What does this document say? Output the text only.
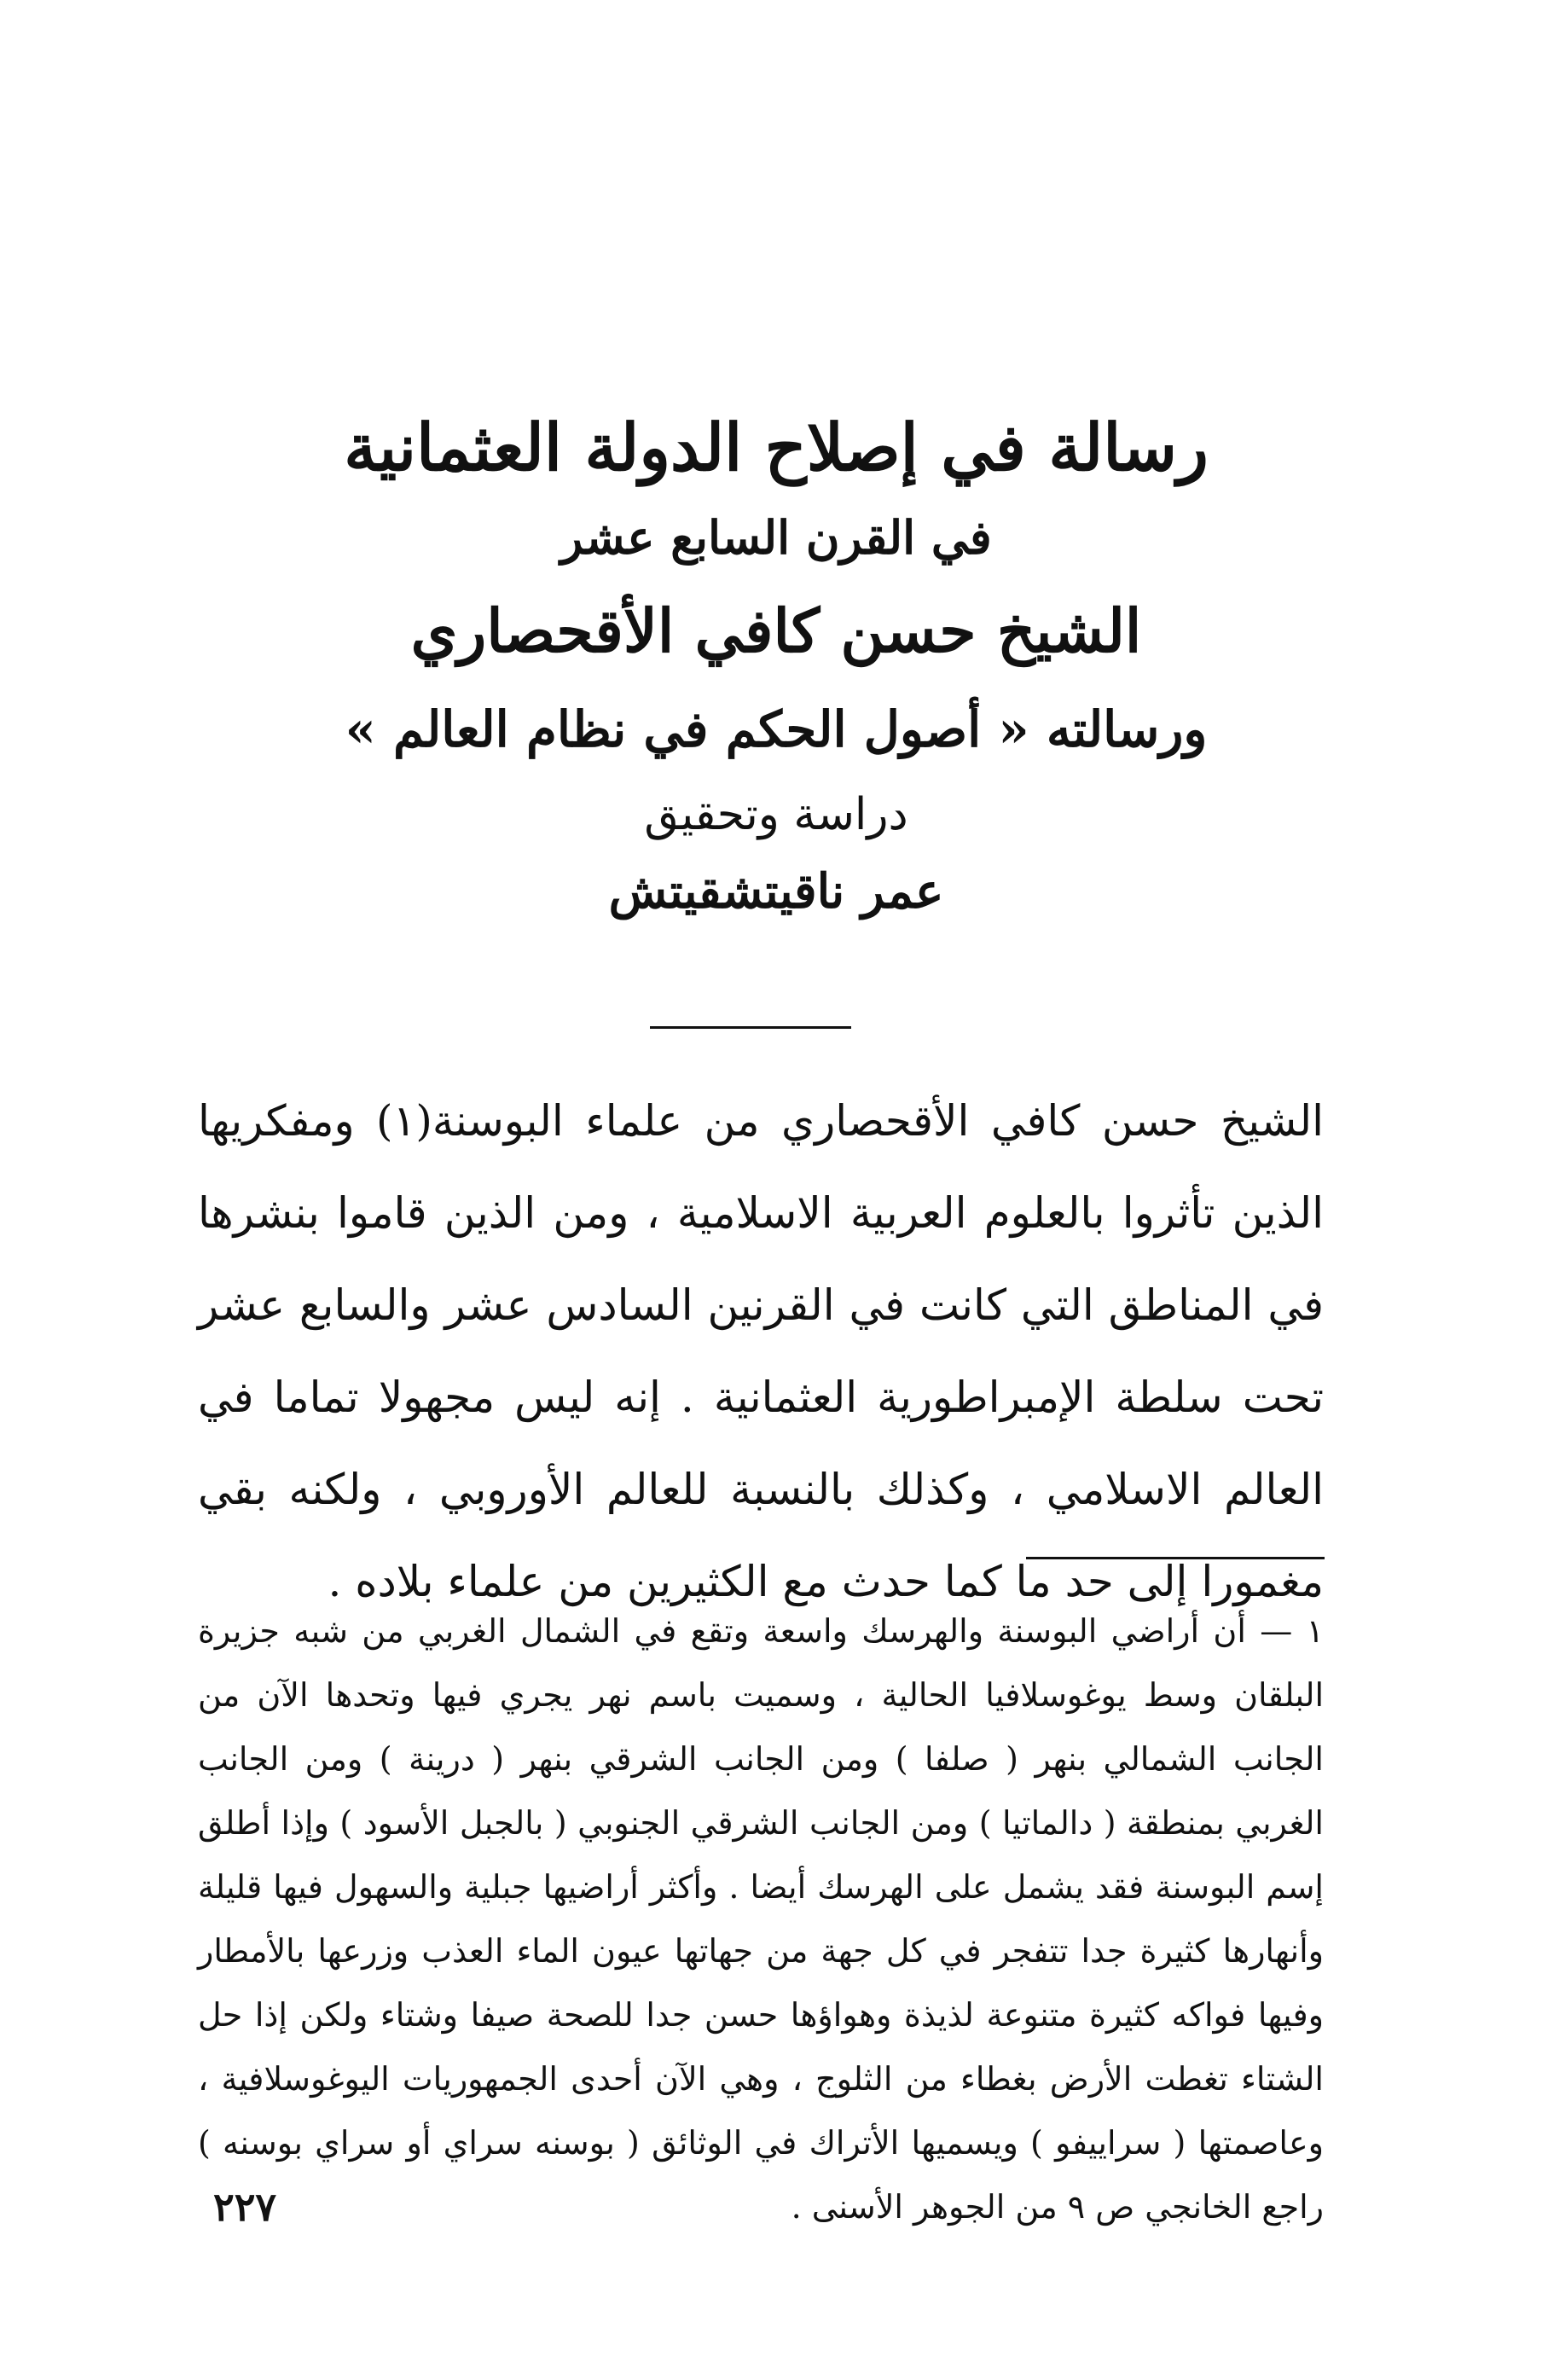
رسالة في إصلاح الدولة العثمانية
في القرن السابع عشر
الشيخ حسن كافي الأقحصاري
ورسالته « أصول الحكم في نظام العالم »

دراسة وتحقيق

عمر ناقيتشقيتش

الشيخ حسن كافي الأقحصاري من علماء البوسنة(١) ومفكريها الذين تأثروا بالعلوم العربية الاسلامية ، ومن الذين قاموا بنشرها في المناطق التي كانت في القرنين السادس عشر والسابع عشر تحت سلطة الإمبراطورية العثمانية . إنه ليس مجهولا تماما في العالم الاسلامي ، وكذلك بالنسبة للعالم الأوروبي ، ولكنه بقي مغمورا إلى حد ما كما حدث مع الكثيرين من علماء بلاده .

١ — أن أراضي البوسنة والهرسك واسعة وتقع في الشمال الغربي من شبه جزيرة البلقان وسط يوغوسلافيا الحالية ، وسميت باسم نهر يجري فيها وتحدها الآن من الجانب الشمالي بنهر ( صلفا ) ومن الجانب الشرقي بنهر ( درينة ) ومن الجانب الغربي بمنطقة ( دالماتيا ) ومن الجانب الشرقي الجنوبي ( بالجبل الأسود ) وإذا أطلق إسم البوسنة فقد يشمل على الهرسك أيضا . وأكثر أراضيها جبلية والسهول فيها قليلة وأنهارها كثيرة جدا تتفجر في كل جهة من جهاتها عيون الماء العذب وزرعها بالأمطار وفيها فواكه كثيرة متنوعة لذيذة وهواؤها حسن جدا للصحة صيفا وشتاء ولكن إذا حل الشتاء تغطت الأرض بغطاء من الثلوج ، وهي الآن أحدى الجمهوريات اليوغوسلافية ، وعاصمتها ( سراييفو ) ويسميها الأتراك في الوثائق ( بوسنه سراي أو سراي بوسنه ) راجع الخانجي ص ٩ من الجوهر الأسنى .

٢٢٧
